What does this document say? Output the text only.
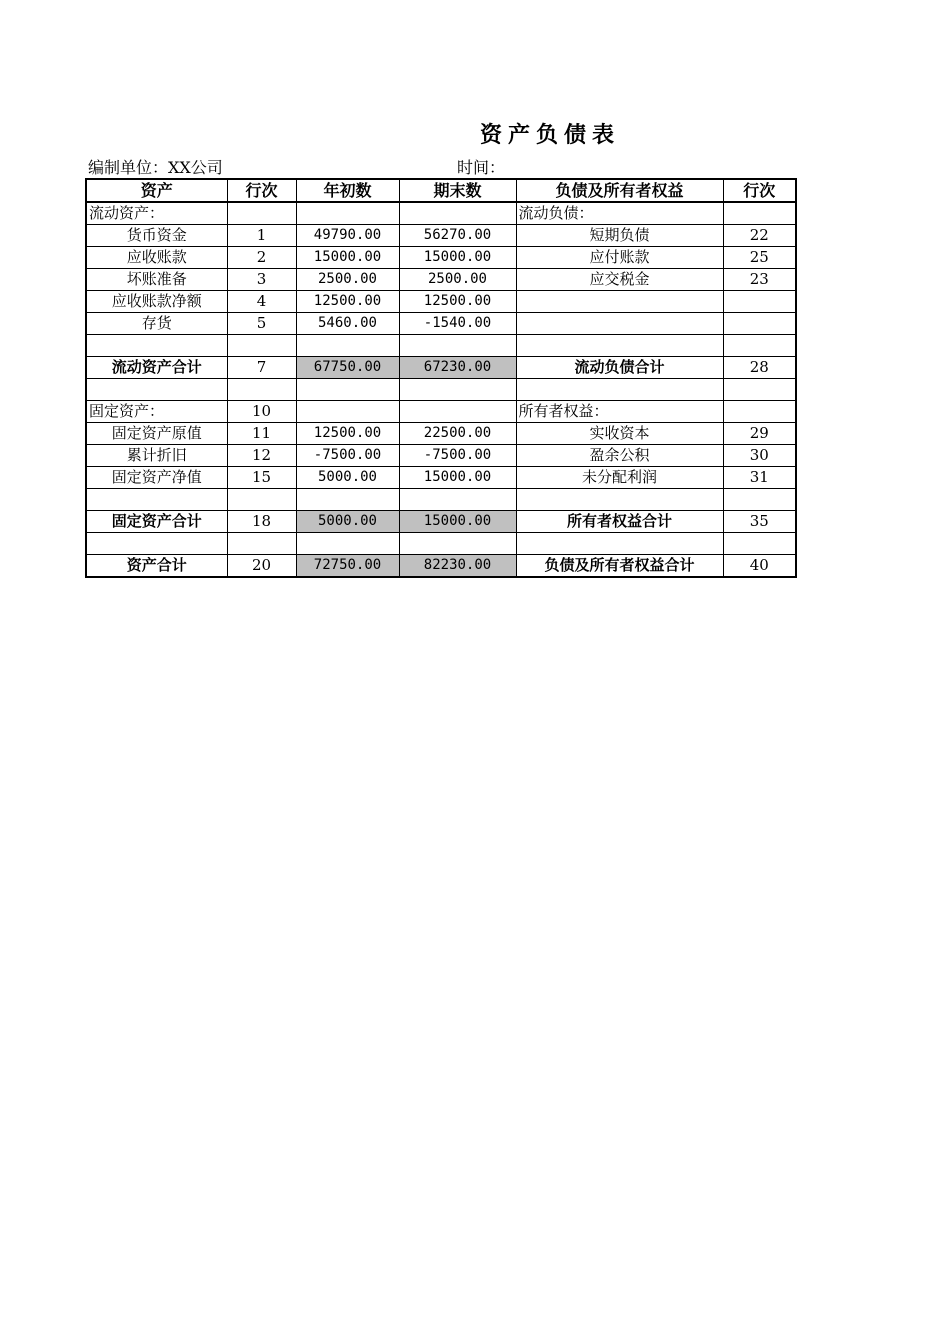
资产负债表
编制单位：XX公司	时间：
资产	行次	年初数	期末数	负债及所有者权益	行次
流动资产：				流动负债：	
货币资金	1	49790.00	56270.00	短期负债	22
应收账款	2	15000.00	15000.00	应付账款	25
坏账准备	3	2500.00	2500.00	应交税金	23
应收账款净额	4	12500.00	12500.00		
存货	5	5460.00	-1540.00		

流动资产合计	7	67750.00	67230.00	流动负债合计	28

固定资产：	10			所有者权益：	
固定资产原值	11	12500.00	22500.00	实收资本	29
累计折旧	12	-7500.00	-7500.00	盈余公积	30
固定资产净值	15	5000.00	15000.00	未分配利润	31

固定资产合计	18	5000.00	15000.00	所有者权益合计	35

资产合计	20	72750.00	82230.00	负债及所有者权益合计	40
